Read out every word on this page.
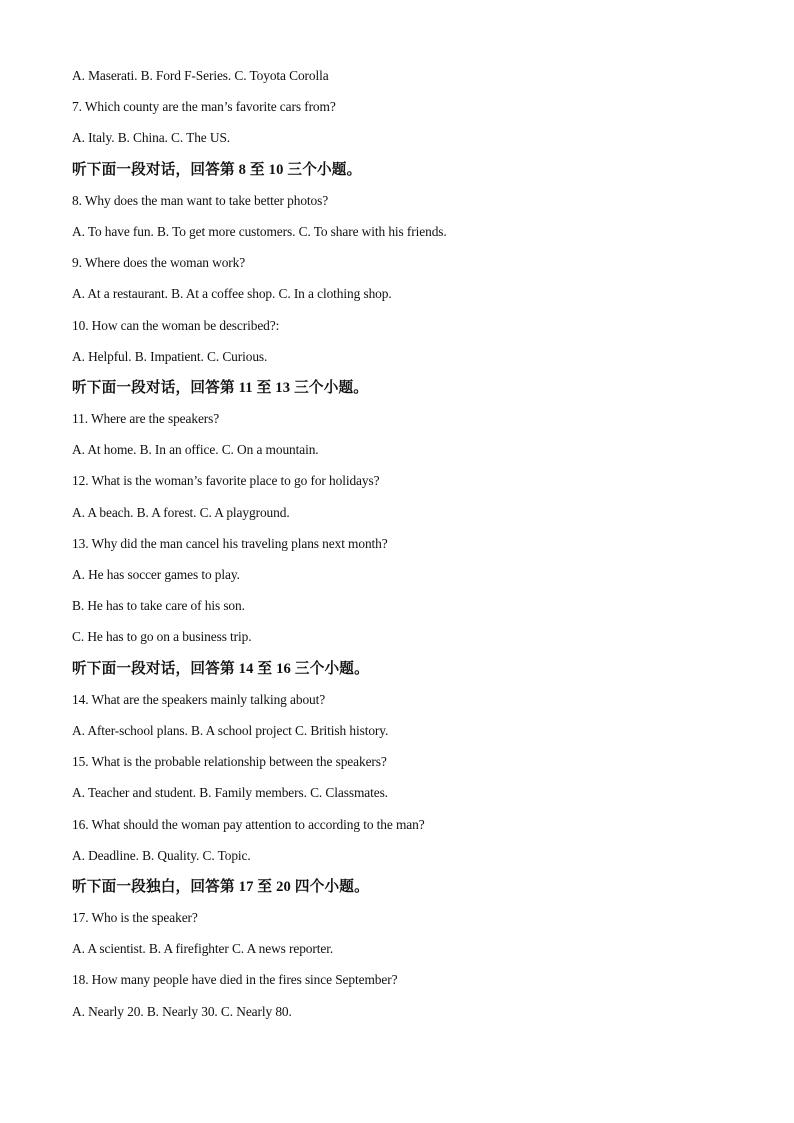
A. Maserati. B. Ford F-Series. C. Toyota Corolla
7. Which county are the man’s favorite cars from?
A. Italy. B. China. C. The US.
听下面一段对话，回答第 8 至 10 三个小题。
8. Why does the man want to take better photos?
A. To have fun. B. To get more customers. C. To share with his friends.
9. Where does the woman work?
A. At a restaurant. B. At a coffee shop. C. In a clothing shop.
10. How can the woman be described?:
A. Helpful. B. Impatient. C. Curious.
听下面一段对话，回答第 11 至 13 三个小题。
11. Where are the speakers?
A. At home. B. In an office. C. On a mountain.
12. What is the woman’s favorite place to go for holidays?
A. A beach. B. A forest. C. A playground.
13. Why did the man cancel his traveling plans next month?
A. He has soccer games to play.
B. He has to take care of his son.
C. He has to go on a business trip.
听下面一段对话，回答第 14 至 16 三个小题。
14. What are the speakers mainly talking about?
A. After-school plans. B. A school project C. British history.
15. What is the probable relationship between the speakers?
A. Teacher and student. B. Family members. C. Classmates.
16. What should the woman pay attention to according to the man?
A. Deadline. B. Quality. C. Topic.
听下面一段独白，回答第 17 至 20 四个小题。
17. Who is the speaker?
A. A scientist. B. A firefighter C. A news reporter.
18. How many people have died in the fires since September?
A. Nearly 20. B. Nearly 30. C. Nearly 80.
